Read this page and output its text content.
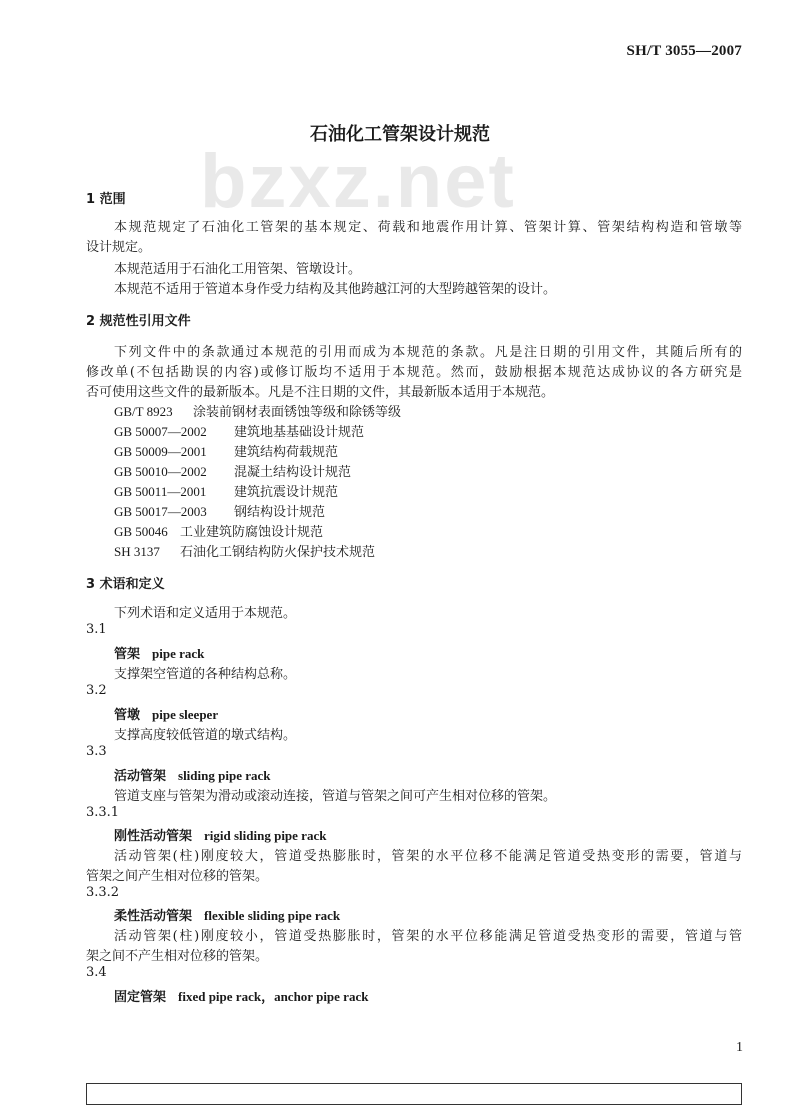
SH/T 3055—2007
bzxz.net
石油化工管架设计规范
1 范围
本规范规定了石油化工管架的基本规定、荷载和地震作用计算、管架计算、管架结构构造和管墩等
设计规定。
本规范适用于石油化工用管架、管墩设计。
本规范不适用于管道本身作受力结构及其他跨越江河的大型跨越管架的设计。
2 规范性引用文件
下列文件中的条款通过本规范的引用而成为本规范的条款。凡是注日期的引用文件，其随后所有的
修改单(不包括勘误的内容)或修订版均不适用于本规范。然而，鼓励根据本规范达成协议的各方研究是
否可使用这些文件的最新版本。凡是不注日期的文件，其最新版本适用于本规范。
GB/T 8923 涂装前钢材表面锈蚀等级和除锈等级
GB 50007—2002 建筑地基基础设计规范
GB 50009—2001 建筑结构荷载规范
GB 50010—2002 混凝土结构设计规范
GB 50011—2001 建筑抗震设计规范
GB 50017—2003 钢结构设计规范
GB 50046 工业建筑防腐蚀设计规范
SH 3137 石油化工钢结构防火保护技术规范
3 术语和定义
下列术语和定义适用于本规范。
3.1
管架 pipe rack
支撑架空管道的各种结构总称。
3.2
管墩 pipe sleeper
支撑高度较低管道的墩式结构。
3.3
活动管架 sliding pipe rack
管道支座与管架为滑动或滚动连接，管道与管架之间可产生相对位移的管架。
3.3.1
刚性活动管架 rigid sliding pipe rack
活动管架(柱)刚度较大，管道受热膨胀时，管架的水平位移不能满足管道受热变形的需要，管道与
管架之间产生相对位移的管架。
3.3.2
柔性活动管架 flexible sliding pipe rack
活动管架(柱)刚度较小，管道受热膨胀时，管架的水平位移能满足管道受热变形的需要，管道与管
架之间不产生相对位移的管架。
3.4
固定管架 fixed pipe rack，anchor pipe rack
1
